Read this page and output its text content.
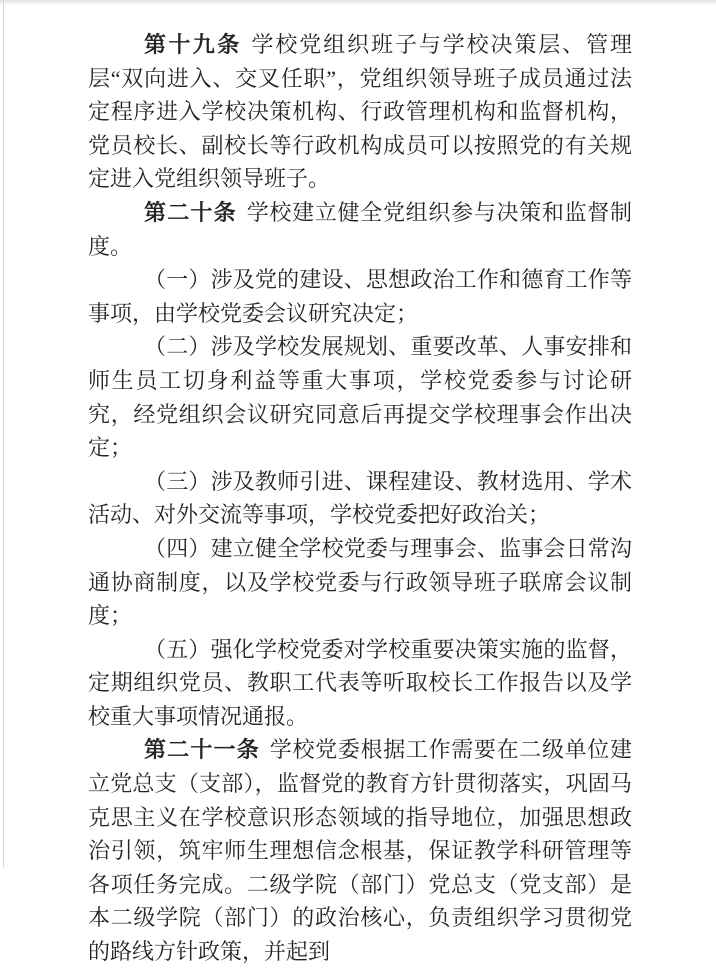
第十九条 学校党组织班子与学校决策层、管理层“双向进入、交叉任职”，党组织领导班子成员通过法定程序进入学校决策机构、行政管理机构和监督机构，党员校长、副校长等行政机构成员可以按照党的有关规定进入党组织领导班子。

第二十条 学校建立健全党组织参与决策和监督制度。

（一）涉及党的建设、思想政治工作和德育工作等事项，由学校党委会议研究决定；

（二）涉及学校发展规划、重要改革、人事安排和师生员工切身利益等重大事项，学校党委参与讨论研究，经党组织会议研究同意后再提交学校理事会作出决定；

（三）涉及教师引进、课程建设、教材选用、学术活动、对外交流等事项，学校党委把好政治关；

（四）建立健全学校党委与理事会、监事会日常沟通协商制度，以及学校党委与行政领导班子联席会议制度；

（五）强化学校党委对学校重要决策实施的监督，定期组织党员、教职工代表等听取校长工作报告以及学校重大事项情况通报。

第二十一条 学校党委根据工作需要在二级单位建立党总支（支部），监督党的教育方针贯彻落实，巩固马克思主义在学校意识形态领域的指导地位，加强思想政治引领，筑牢师生理想信念根基，保证教学科研管理等各项任务完成。二级学院（部门）党总支（党支部）是本二级学院（部门）的政治核心，负责组织学习贯彻党的路线方针政策，并起到
